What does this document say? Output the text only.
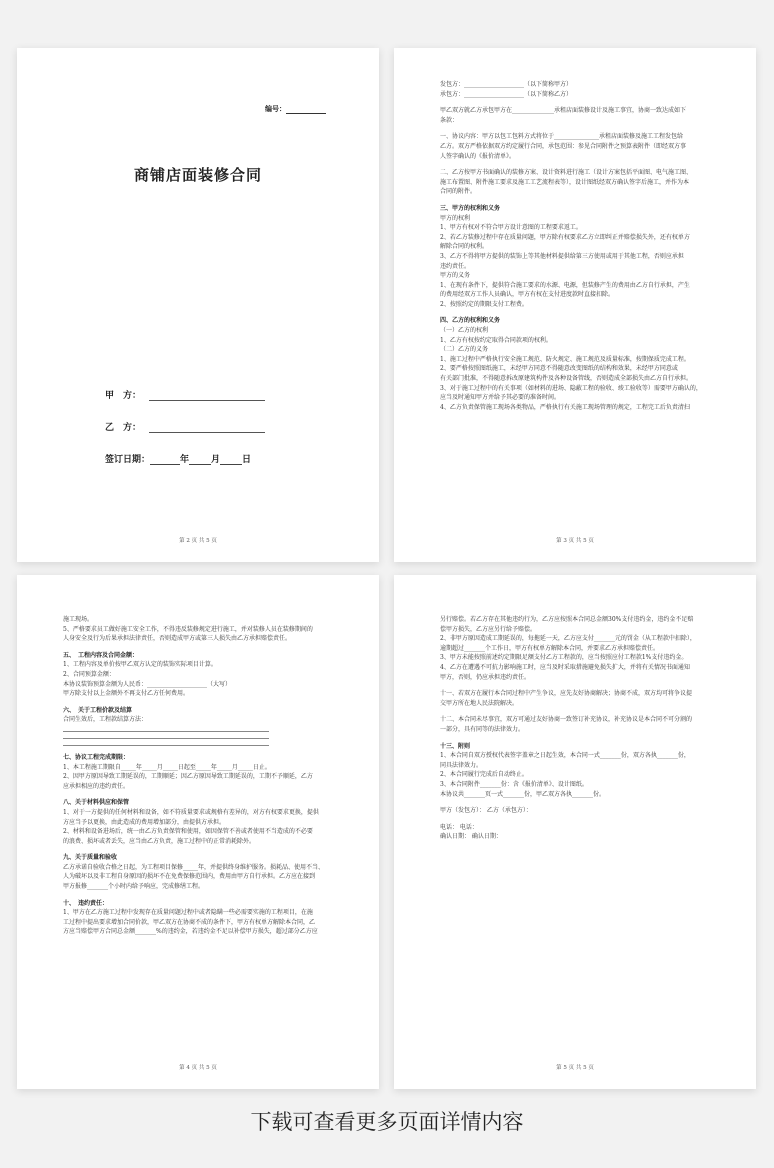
编号：
商铺店面装修合同
甲　方：
乙　方：
签订日期：	年 月 日
第 2 页 共 5 页

发包方：____________________（以下简称甲方）

承包方：____________________（以下简称乙方）

甲乙双方就乙方承包甲方在______________承租店面装修设计及施工事宜，协商一致达成如下

条款：

一、协议内容：甲方以包工包料方式将位于_______________承租店面装修及施工工程发包给

乙方。双方严格依据双方约定履行合同，承包范围：参见合同附件之预算表附件（即经双方事

人签字确认的《报价清单》。

二、乙方按甲方书面确认的装修方案、设计资料进行施工（设计方案包括平面图、电气施工图、

施工布置图、附件施工要求及施工工艺流程表等），设计图纸经双方确认签字后施工，并作为本

合同的附件。

三、甲方的权利和义务

甲方的权利

1、甲方有权对不符合甲方设计意图的工程要求返工。

2、若乙方装修过程中存在质量问题，甲方除有权要求乙方立即纠正并赔偿损失外，还有权单方

解除合同的权利。

3、乙方不得将甲方提供的装饰上等其他材料提供给第三方使用或用于其他工程，否则应承担

违约责任。

甲方的义务

1、在现有条件下，提供符合施工要求的水源、电源，但装修产生的费用由乙方自行承担，产生

的费用经双方工作人员确认，甲方有权在支付进度款时直接扣除。

2、按照约定的期限支付工程费。

四、乙方的权利和义务

（一）乙方的权利

1、乙方有权按约定取得合同款项的权利。

（二）乙方的义务

1、施工过程中严格执行安全施工规范、防火规定、施工规范及质量标准，按期保质完成工程。

2、要严格按照图纸施工，未经甲方同意不得随意改变图纸的结构和效果，未经甲方同意或

有关部门批准，不得随意拆改原建筑构件及各种设备管线，否则造成全部损失由乙方自行承担。

3、对于施工过程中的有关事项（如材料的进场、隐蔽工程的验收、竣工验收等）需要甲方确认的，

应当及时通知甲方并给予其必要的准备时间。

4、乙方负责保管施工现场各类物品，严格执行有关施工现场管理的规定，工程完工后负责清扫

第 3 页 共 5 页

施工现场。

5、严格要求员工做好施工安全工作，不得违反装修规定进行施工，并对装修人员在装修期间的

人身安全及行为后果承担法律责任，否则造成甲方或第三人损失由乙方承担赔偿责任。

五、　工程内容及合同金额：

1、工程内容及单价按甲乙双方认定的装饰实际项目计算。

2、合同预算金额：

本协议装饰预算金额为人民币：____________________（大写）

甲方除支付以上金额外不再支付乙方任何费用。

六、　关于工程价款及结算

合同生效后，工程款结算方法：

七、协议工程完成期限：

1、本工程施工期限自_____年_____月_____日起至_____年_____月_____日止。

2、因甲方原因导致工期延误的，工期顺延；因乙方原因导致工期延误的，工期不予顺延，乙方

应承担相应的违约责任。

八、关于材料供应和保管

1、对于一方提供的任何材料和设备，如不符质量要求或规格有差异的，对方有权要求更换，提供

方应当予以更换，由此造成的费用增加部分，由提供方承担。

2、材料和设备进场后，统一由乙方负责保管和使用，如因保管不善或者使用不当造成的不必要

的浪费、损坏或者丢失，应当由乙方负责，施工过程中的正常消耗除外。

九、关于质量和验收

乙方承诺自验收合格之日起，为工程项目保修_____年，并提供终身维护服务。损耗品、使用不当、

人为破坏以及非工程自身原因的损坏不在免费保修范围内，费用由甲方自行承担。乙方应在接到

甲方报修_______个小时内给予响应，完成修缮工程。

十、　违约责任：

1、甲方在乙方施工过程中发现存在质量问题过程中或者隐瞒一些必需要实施的工程项目，在施

工过程中提出要求增加合同价款，甲乙双方在协商不成的条件下，甲方有权单方解除本合同，乙

方应当赔偿甲方合同总金额_______%的违约金，若违约金不足以补偿甲方损失，超过部分乙方应

第 4 页 共 5 页

另行赔偿。若乙方存在其他违约行为，乙方应按照本合同总金额30%支付违约金，违约金不足赔

偿甲方损失，乙方应另行给予赔偿。

2、非甲方原因造成工期延误的，每拖延一天，乙方应支付_______元的罚金（从工程款中扣除），

逾期超过_______个工作日，甲方有权单方解除本合同，并要求乙方承担赔偿责任。

3、甲方未能按照前述约定期限足额支付乙方工程款的，应当按照应付工程款1%支付违约金。

4、乙方在遭遇不可抗力影响施工时，应当及时采取措施避免损失扩大，并将有关情况书面通知

甲方，否则，仍应承担违约责任。

十一、若双方在履行本合同过程中产生争议，应先友好协商解决；协商不成，双方均可将争议提

交甲方所在地人民法院解决。

十二、本合同未尽事宜，双方可通过友好协商一致签订补充协议，补充协议是本合同不可分割的

一部分，具有同等的法律效力。

十三、附则

1、本合同自双方授权代表签字盖章之日起生效，本合同一式_______份，双方各执_______份，

同具法律效力。

2、本合同履行完成后自动终止。

3、本合同附件_______份：含《报价清单》、设计图纸。

本协议共_______页一式_______份，甲乙双方各执_______份。

甲方（发包方）： 乙方（承包方）：

电话： 电话：

确认日期： 确认日期：

第 5 页 共 5 页
下载可查看更多页面详情内容
